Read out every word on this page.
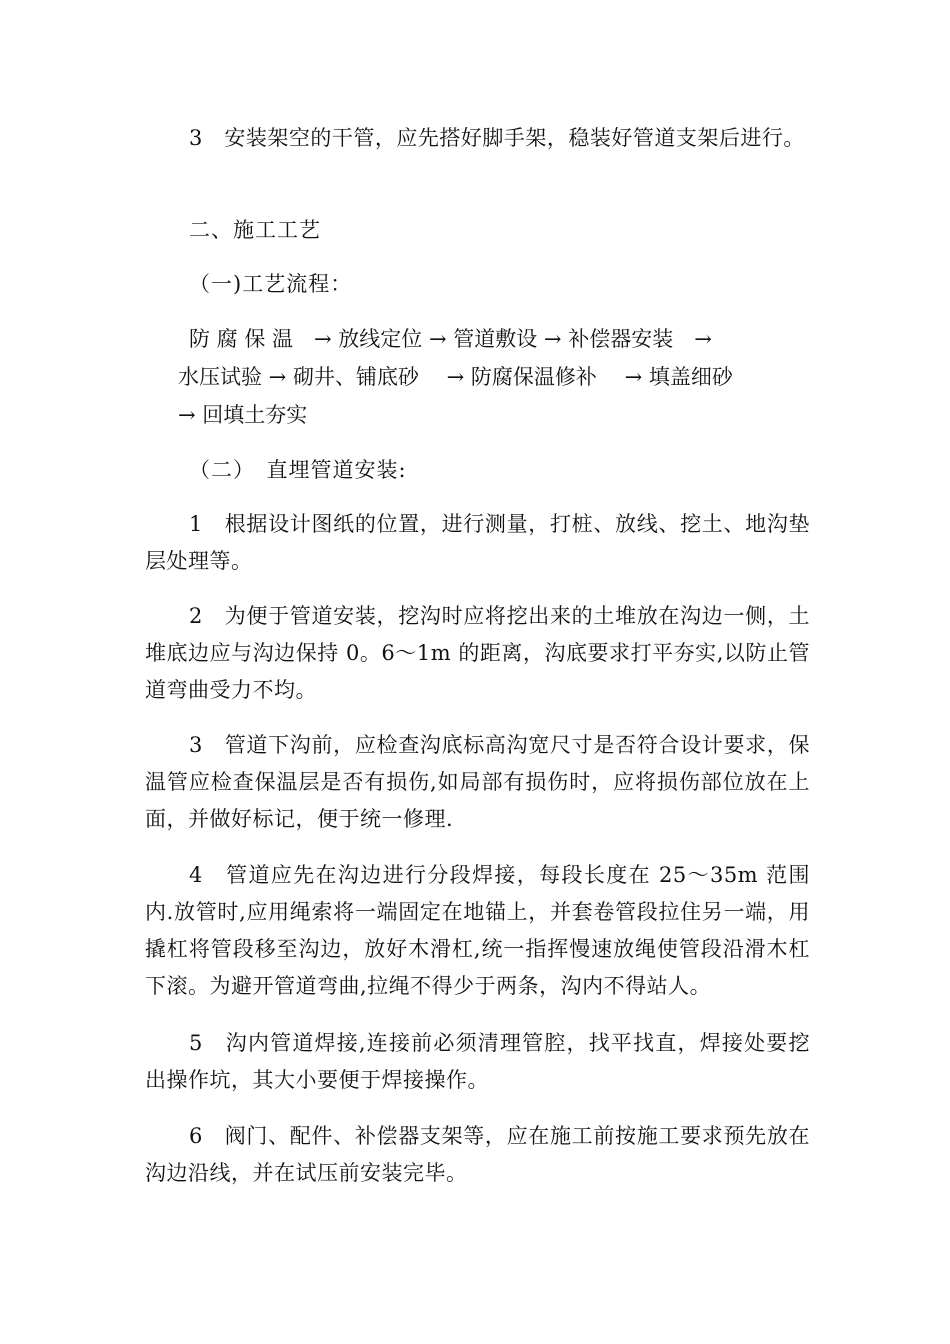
3　安装架空的干管，应先搭好脚手架，稳装好管道支架后进行。

二、施工工艺

（一)工艺流程：

防 腐 保 温　→ 放线定位 → 管道敷设 → 补偿器安装　→
水压试验 → 砌井、铺底砂　 → 防腐保温修补　 → 填盖细砂
→ 回填土夯实

（二）　直埋管道安装:

1　根据设计图纸的位置，进行测量，打桩、放线、挖土、地沟垫层处理等。

2　为便于管道安装，挖沟时应将挖出来的土堆放在沟边一侧，土堆底边应与沟边保持 0。6～1m 的距离，沟底要求打平夯实,以防止管道弯曲受力不均。

3　管道下沟前，应检查沟底标高沟宽尺寸是否符合设计要求，保温管应检查保温层是否有损伤,如局部有损伤时，应将损伤部位放在上面，并做好标记，便于统一修理.

4　管道应先在沟边进行分段焊接，每段长度在 25～35m 范围内.放管时,应用绳索将一端固定在地锚上，并套卷管段拉住另一端，用撬杠将管段移至沟边，放好木滑杠,统一指挥慢速放绳使管段沿滑木杠下滚。为避开管道弯曲,拉绳不得少于两条，沟内不得站人。

5　沟内管道焊接,连接前必须清理管腔，找平找直，焊接处要挖出操作坑，其大小要便于焊接操作。

6　阀门、配件、补偿器支架等，应在施工前按施工要求预先放在沟边沿线，并在试压前安装完毕。
